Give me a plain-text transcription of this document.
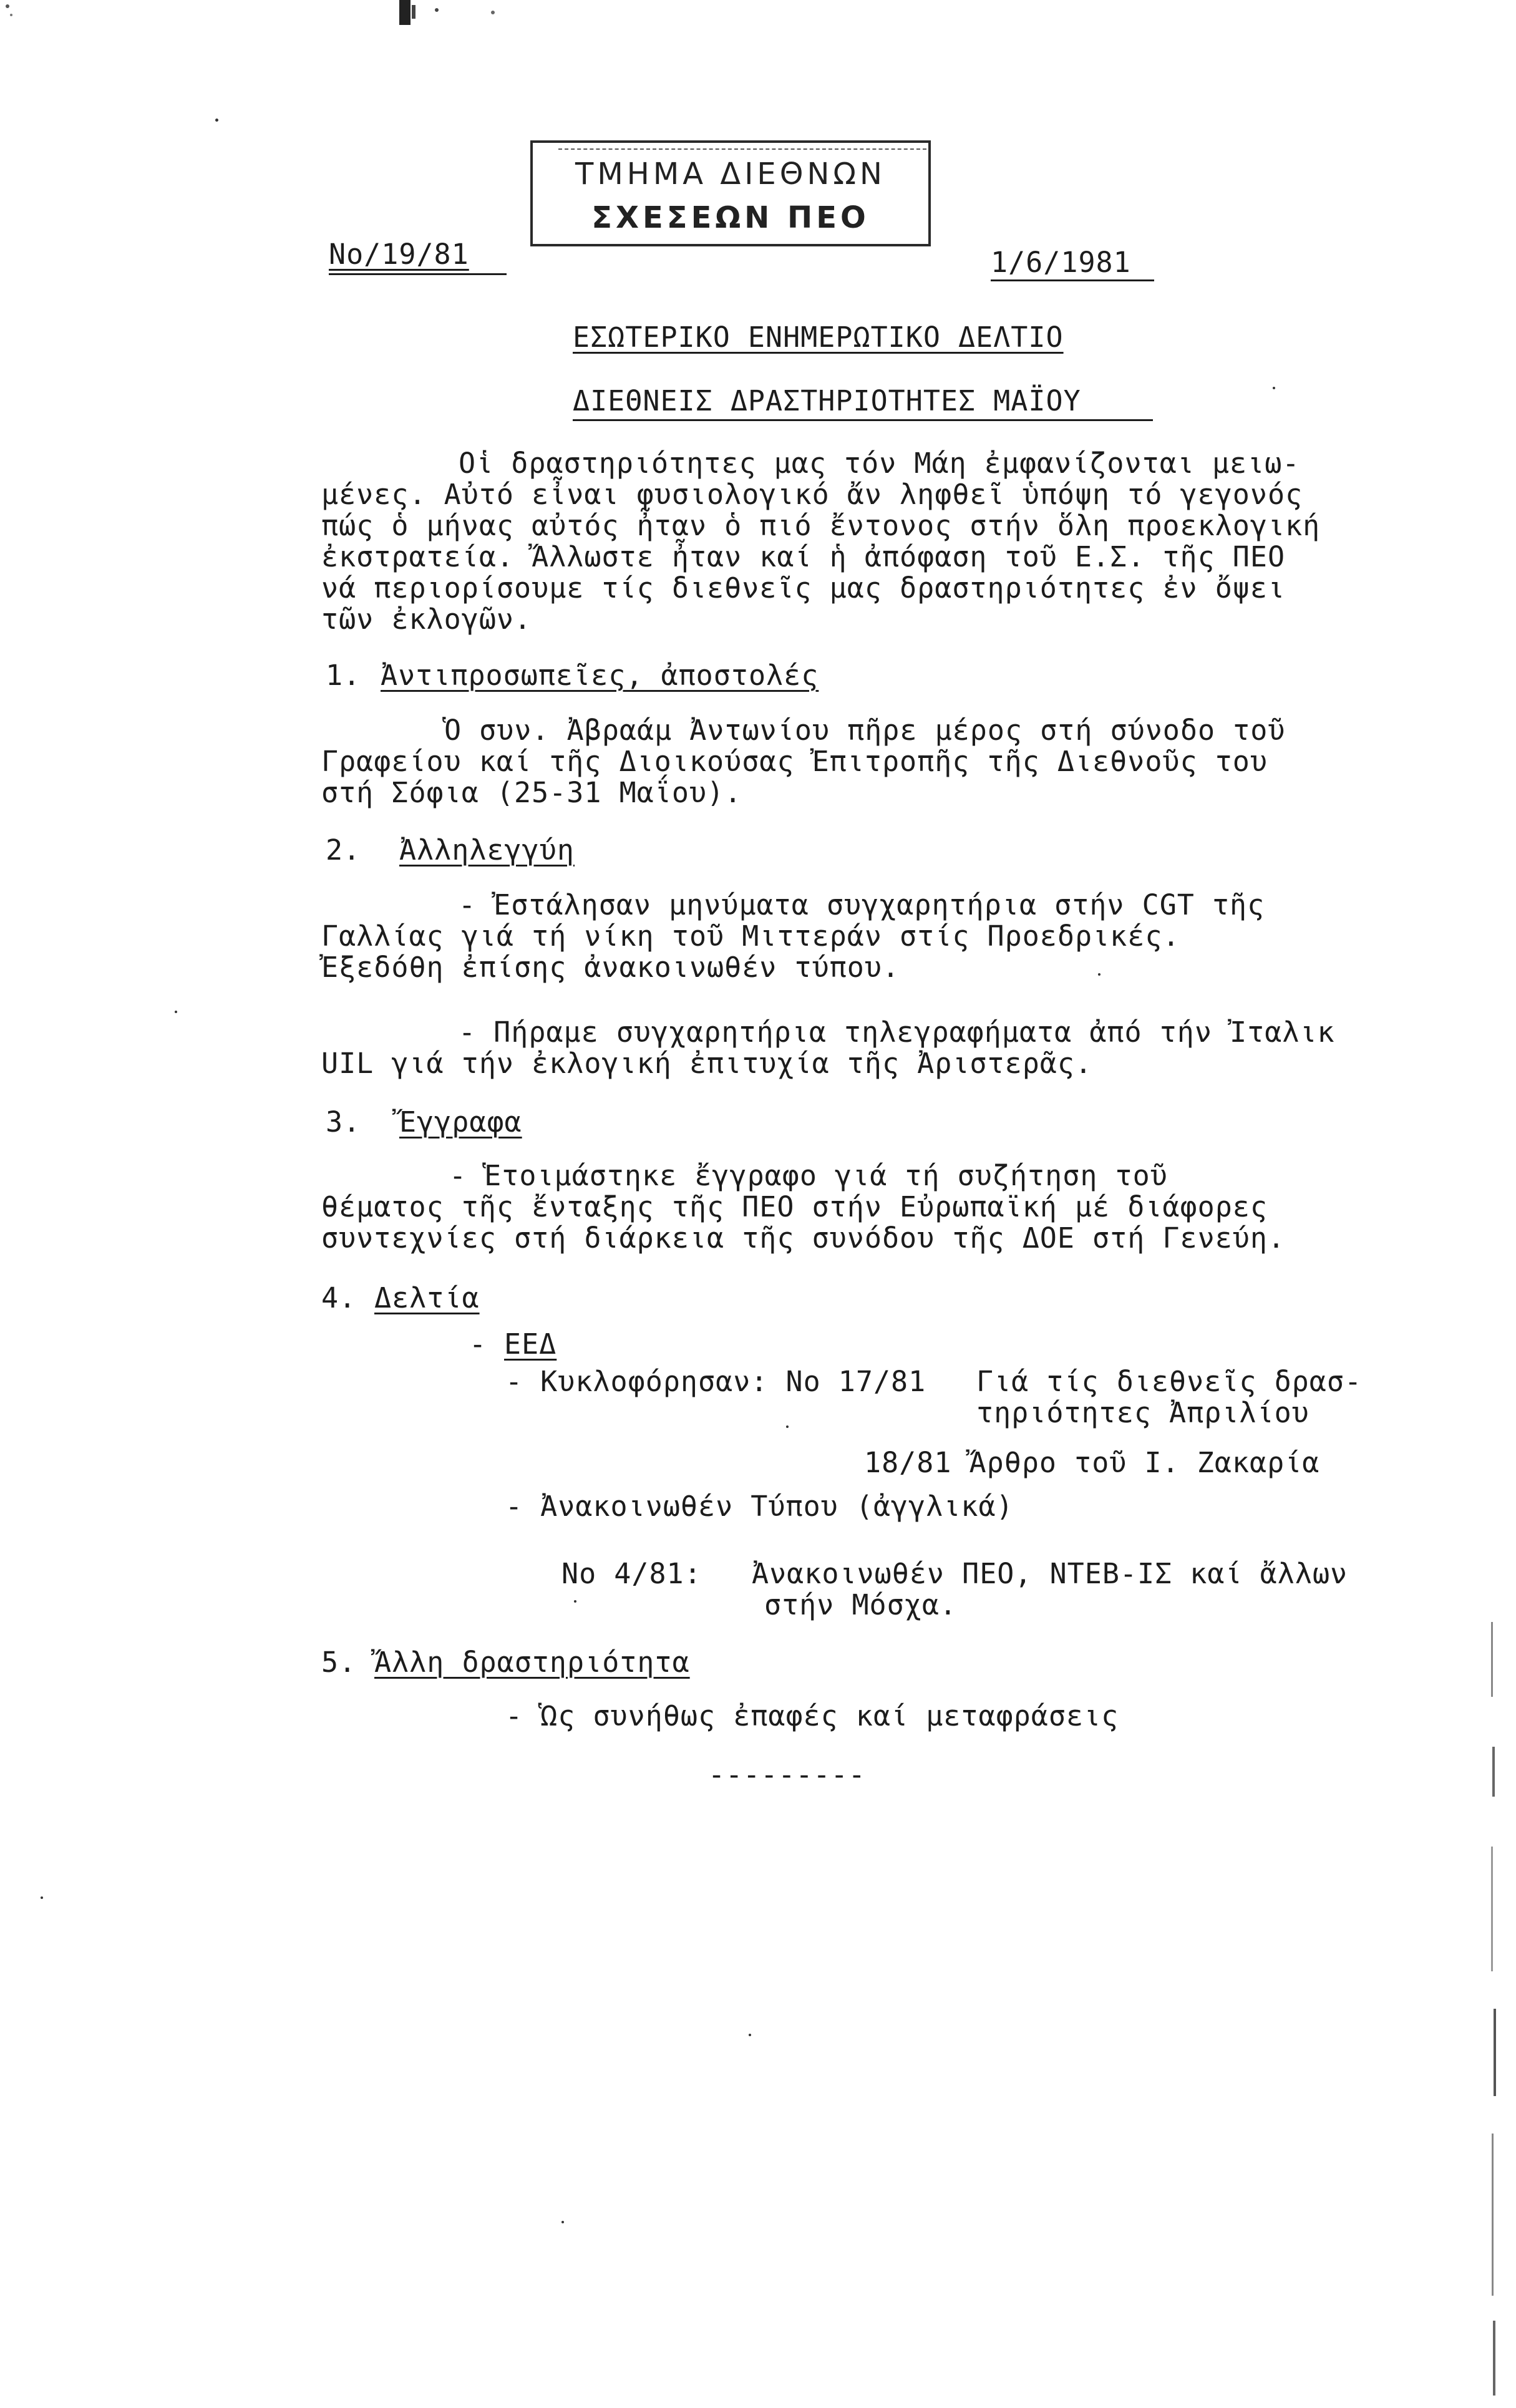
ΤΜΗΜΑ ΔΙΕΘΝΩΝ
ΣΧΕΣΕΩΝ ΠΕΟ
No/19/81	1/6/1981
ΕΣΩΤΕΡΙΚΟ ΕΝΗΜΕΡΩΤΙΚΟ ΔΕΛΤΙΟ
ΔΙΕΘΝΕΙΣ ΔΡΑΣΤΗΡΙΟΤΗΤΕΣ ΜΑΪΟΥ
Οἱ δραστηριότητες μας τόν Μάη ἐμφανίζονται μειω-
μένες. Αὐτό εἶναι φυσιολογικό ἄν ληφθεῖ ὑπόψη τό γεγονός
πώς ὁ μήνας αὐτός ἦταν ὁ πιό ἔντονος στήν ὅλη προεκλογική
ἐκστρατεία. Ἄλλωστε ἦταν καί ἡ ἀπόφαση τοῦ Ε.Σ. τῆς ΠΕΟ
νά περιορίσουμε τίς διεθνεῖς μας δραστηριότητες ἐν ὄψει
τῶν ἐκλογῶν.
1. Ἀντιπροσωπεῖες, ἀποστολές
Ὁ συν. Ἀβραάμ Ἀντωνίου πῆρε μέρος στή σύνοδο τοῦ
Γραφείου καί τῆς Διοικούσας Ἐπιτροπῆς τῆς Διεθνοῦς του
στή Σόφια (25-31 Μαΐου).
2. Ἀλληλεγγύη
- Ἐστάλησαν μηνύματα συγχαρητήρια στήν CGT τῆς
Γαλλίας γιά τή νίκη τοῦ Μιττεράν στίς Προεδρικές.
Ἐξεδόθη ἐπίσης ἀνακοινωθέν τύπου.
- Πήραμε συγχαρητήρια τηλεγραφήματα ἀπό τήν Ἰταλικ
UIL γιά τήν ἐκλογική ἐπιτυχία τῆς Ἀριστερᾶς.
3. Ἔγγραφα
- Ἑτοιμάστηκε ἔγγραφο γιά τή συζήτηση τοῦ
θέματος τῆς ἔνταξης τῆς ΠΕΟ στήν Εὐρωπαϊκή μέ διάφορες
συντεχνίες στή διάρκεια τῆς συνόδου τῆς ΔΟΕ στή Γενεύη.
4. Δελτία
- ΕΕΔ
- Κυκλοφόρησαν: Νο 17/81 Γιά τίς διεθνεῖς δρασ-
τηριότητες Ἀπριλίου
18/81 Ἄρθρο τοῦ Ι. Ζακαρία
- Ἀνακοινωθέν Τύπου (ἀγγλικά)
Νο 4/81: Ἀνακοινωθέν ΠΕΟ, ΝΤΕΒ-ΙΣ καί ἄλλων
στήν Μόσχα.
5. Ἄλλη δραστηριότητα
- Ὡς συνήθως ἐπαφές καί μεταφράσεις
---------
